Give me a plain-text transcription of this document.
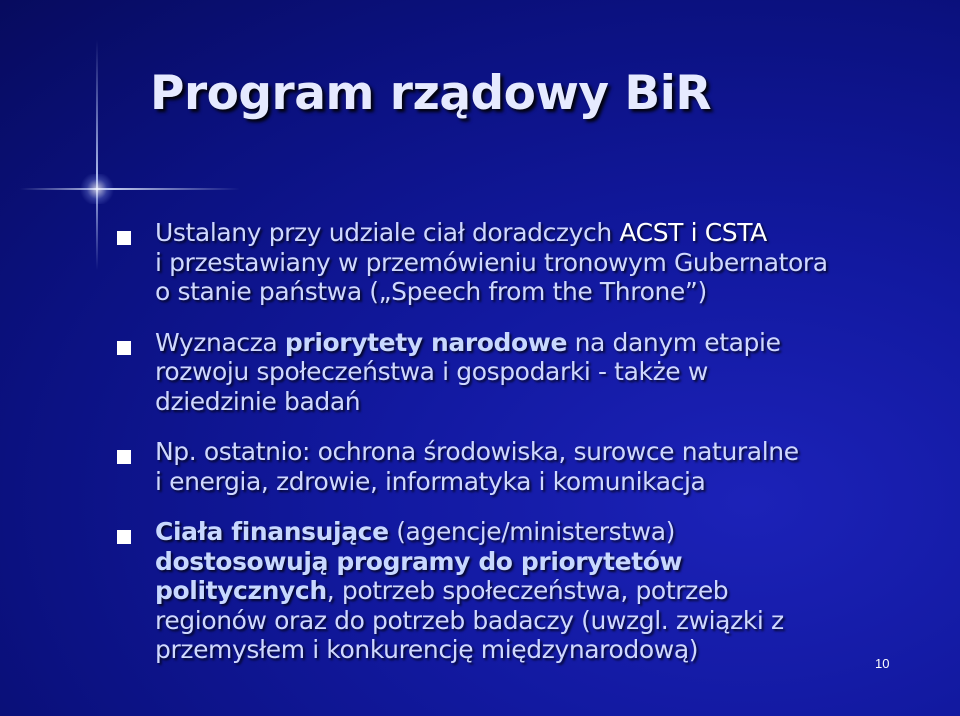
Program rządowy BiR

Ustalany przy udziale ciał doradczych ACST i CSTA
i przestawiany w przemówieniu tronowym Gubernatora
o stanie państwa („Speech from the Throne”)

Wyznacza priorytety narodowe na danym etapie
rozwoju społeczeństwa i gospodarki - także w
dziedzinie badań

Np. ostatnio: ochrona środowiska, surowce naturalne
i energia, zdrowie, informatyka i komunikacja

Ciała finansujące (agencje/ministerstwa)
dostosowują programy do priorytetów
politycznych, potrzeb społeczeństwa, potrzeb
regionów oraz do potrzeb badaczy (uwzgl. związki z
przemysłem i konkurencję międzynarodową)	10
